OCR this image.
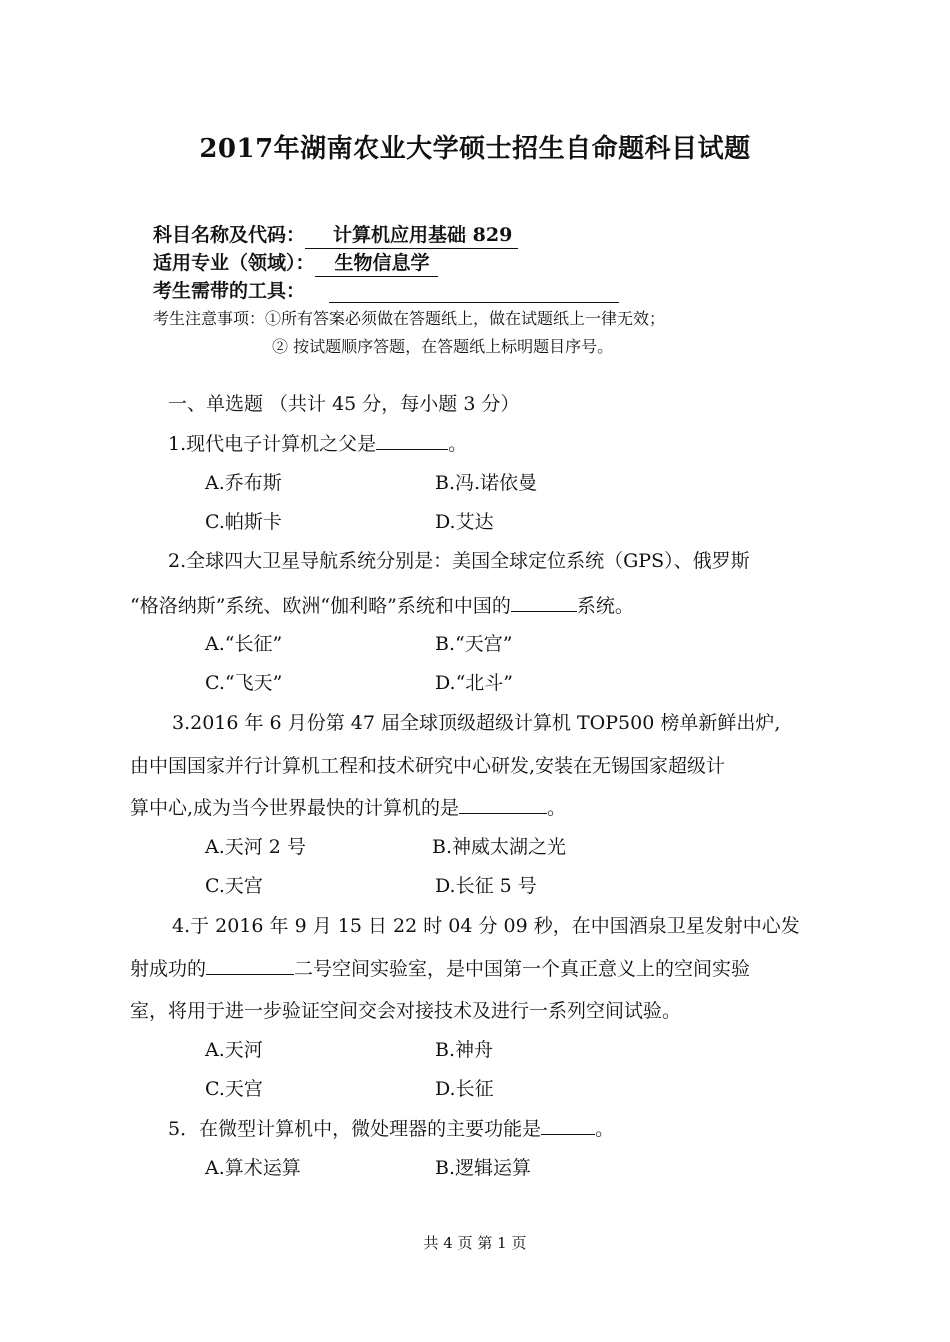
2017年湖南农业大学硕士招生自命题科目试题
科目名称及代码： 计算机应用基础 829
适用专业（领域）： 生物信息学
考生需带的工具：
考生注意事项：①所有答案必须做在答题纸上，做在试题纸上一律无效；
② 按试题顺序答题，在答题纸上标明题目序号。
一、单选题 （共计 45 分，每小题 3 分）
1.现代电子计算机之父是	。
A.乔布斯	B.冯.诺依曼
C.帕斯卡	D.艾达
2.全球四大卫星导航系统分别是：美国全球定位系统（GPS）、俄罗斯
“格洛纳斯”系统、欧洲“伽利略”系统和中国的	系统。
A.“长征”	B.“天宫”
C.“飞天”	D.“北斗”
3.2016 年 6 月份第 47 届全球顶级超级计算机 TOP500 榜单新鲜出炉,
由中国国家并行计算机工程和技术研究中心研发,安装在无锡国家超级计
算中心,成为当今世界最快的计算机的是	。
A.天河 2 号	B.神威太湖之光
C.天宫	D.长征 5 号
4.于 2016 年 9 月 15 日 22 时 04 分 09 秒，在中国酒泉卫星发射中心发
射成功的	二号空间实验室，是中国第一个真正意义上的空间实验
室，将用于进一步验证空间交会对接技术及进行一系列空间试验。
A.天河	B.神舟
C.天宫	D.长征
5．在微型计算机中，微处理器的主要功能是	。
A.算术运算	B.逻辑运算
共 4 页 第 1 页
